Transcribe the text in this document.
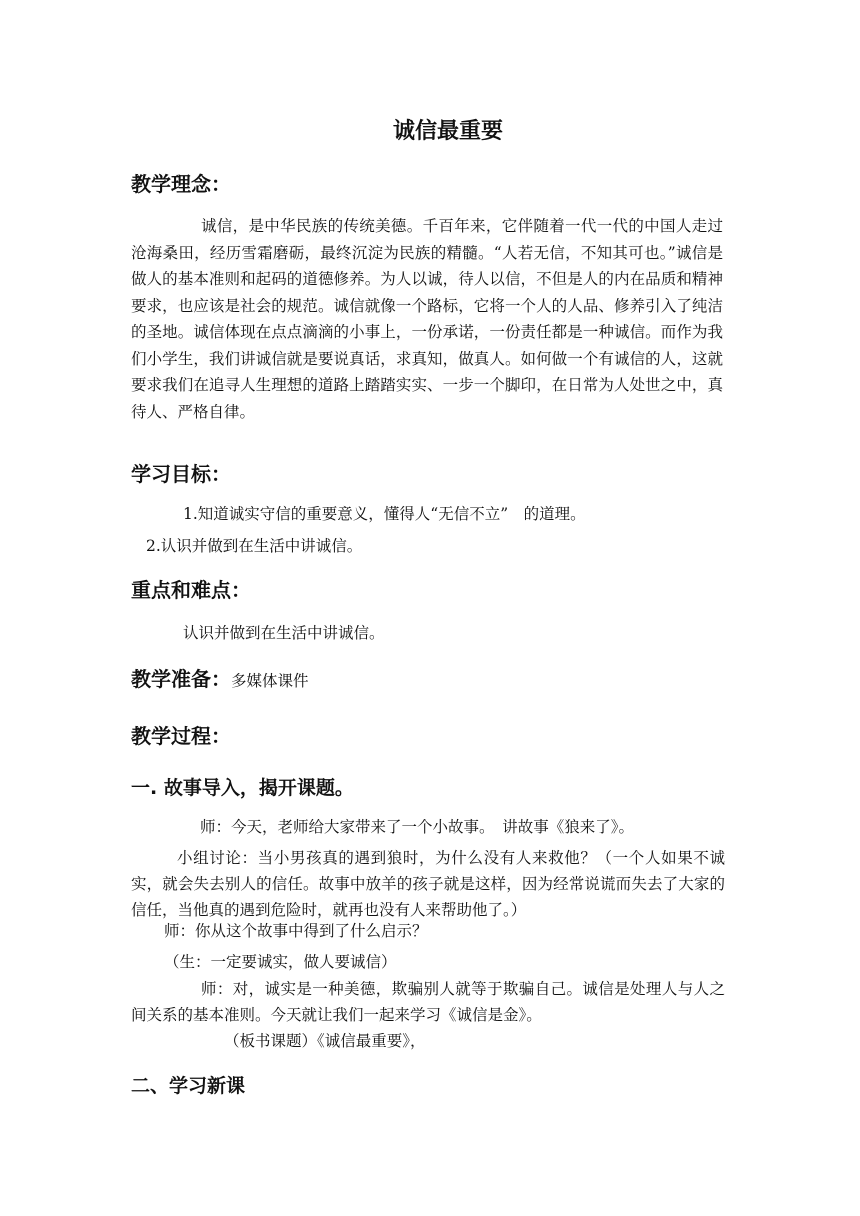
诚信最重要
教学理念：
诚信，是中华民族的传统美德。千百年来，它伴随着一代一代的中国人走过沧海桑田，经历雪霜磨砺，最终沉淀为民族的精髓。“人若无信，不知其可也。”诚信是做人的基本准则和起码的道德修养。为人以诚，待人以信，不但是人的内在品质和精神要求，也应该是社会的规范。诚信就像一个路标，它将一个人的人品、修养引入了纯洁的圣地。诚信体现在点点滴滴的小事上，一份承诺，一份责任都是一种诚信。而作为我们小学生，我们讲诚信就是要说真话，求真知，做真人。如何做一个有诚信的人，这就要求我们在追寻人生理想的道路上踏踏实实、一步一个脚印，在日常为人处世之中，真待人、严格自律。
学习目标：
1.知道诚实守信的重要意义，懂得人“无信不立”　的道理。
2.认识并做到在生活中讲诚信。
重点和难点：
认识并做到在生活中讲诚信。
教学准备：多媒体课件
教学过程：
一. 故事导入，揭开课题。
师：今天，老师给大家带来了一个小故事。　讲故事《狼来了》。
小组讨论：当小男孩真的遇到狼时，为什么没有人来救他？（一个人如果不诚实，就会失去别人的信任。故事中放羊的孩子就是这样，因为经常说谎而失去了大家的信任，当他真的遇到危险时，就再也没有人来帮助他了。）
师：你从这个故事中得到了什么启示？
（生：一定要诚实，做人要诚信）
师：对，诚实是一种美德，欺骗别人就等于欺骗自己。诚信是处理人与人之间关系的基本准则。今天就让我们一起来学习《诚信是金》。
（板书课题）《诚信最重要》，
二、学习新课
